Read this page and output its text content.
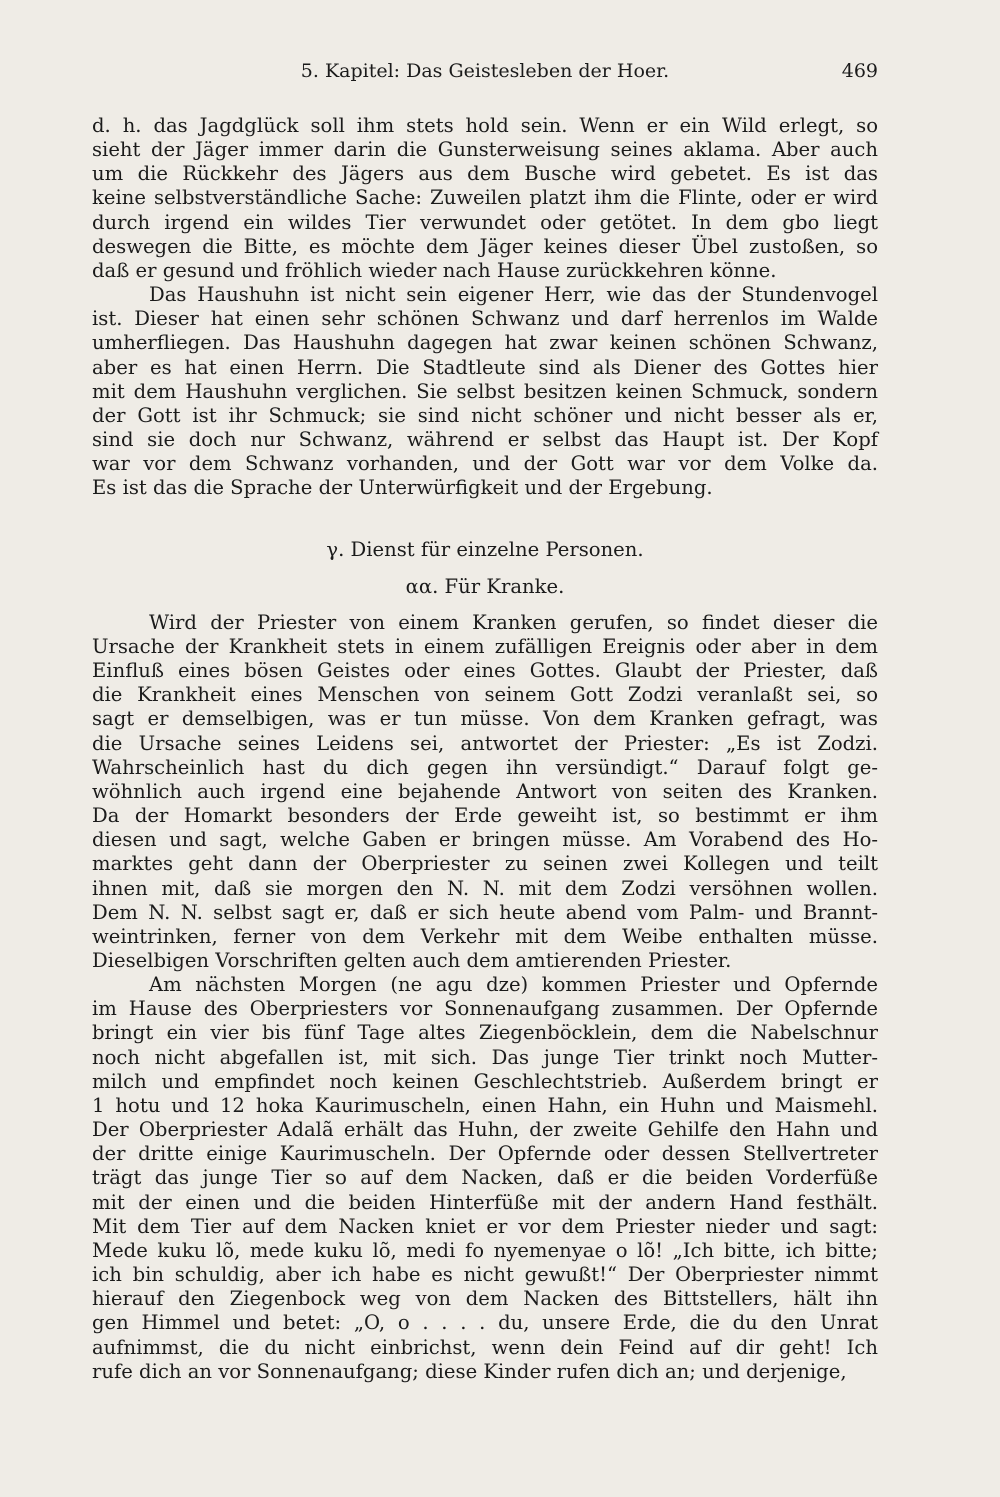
5. Kapitel: Das Geistesleben der Hoer.	469
d. h. das Jagdglück soll ihm stets hold sein. Wenn er ein Wild erlegt, so
sieht der Jäger immer darin die Gunsterweisung seines aklama. Aber auch
um die Rückkehr des Jägers aus dem Busche wird gebetet. Es ist das
keine selbstverständliche Sache: Zuweilen platzt ihm die Flinte, oder er wird
durch irgend ein wildes Tier verwundet oder getötet. In dem gbo liegt
deswegen die Bitte, es möchte dem Jäger keines dieser Übel zustoßen, so
daß er gesund und fröhlich wieder nach Hause zurückkehren könne.
Das Haushuhn ist nicht sein eigener Herr, wie das der Stundenvogel
ist. Dieser hat einen sehr schönen Schwanz und darf herrenlos im Walde
umherfliegen. Das Haushuhn dagegen hat zwar keinen schönen Schwanz,
aber es hat einen Herrn. Die Stadtleute sind als Diener des Gottes hier
mit dem Haushuhn verglichen. Sie selbst besitzen keinen Schmuck, sondern
der Gott ist ihr Schmuck; sie sind nicht schöner und nicht besser als er,
sind sie doch nur Schwanz, während er selbst das Haupt ist. Der Kopf
war vor dem Schwanz vorhanden, und der Gott war vor dem Volke da.
Es ist das die Sprache der Unterwürfigkeit und der Ergebung.
γ. Dienst für einzelne Personen.
αα. Für Kranke.
Wird der Priester von einem Kranken gerufen, so findet dieser die
Ursache der Krankheit stets in einem zufälligen Ereignis oder aber in dem
Einfluß eines bösen Geistes oder eines Gottes. Glaubt der Priester, daß
die Krankheit eines Menschen von seinem Gott Zodzi veranlaßt sei, so
sagt er demselbigen, was er tun müsse. Von dem Kranken gefragt, was
die Ursache seines Leidens sei, antwortet der Priester: „Es ist Zodzi.
Wahrscheinlich hast du dich gegen ihn versündigt.“ Darauf folgt ge-
wöhnlich auch irgend eine bejahende Antwort von seiten des Kranken.
Da der Homarkt besonders der Erde geweiht ist, so bestimmt er ihm
diesen und sagt, welche Gaben er bringen müsse. Am Vorabend des Ho-
marktes geht dann der Oberpriester zu seinen zwei Kollegen und teilt
ihnen mit, daß sie morgen den N. N. mit dem Zodzi versöhnen wollen.
Dem N. N. selbst sagt er, daß er sich heute abend vom Palm- und Brannt-
weintrinken, ferner von dem Verkehr mit dem Weibe enthalten müsse.
Dieselbigen Vorschriften gelten auch dem amtierenden Priester.
Am nächsten Morgen (ne agu dze) kommen Priester und Opfernde
im Hause des Oberpriesters vor Sonnenaufgang zusammen. Der Opfernde
bringt ein vier bis fünf Tage altes Ziegenböcklein, dem die Nabelschnur
noch nicht abgefallen ist, mit sich. Das junge Tier trinkt noch Mutter-
milch und empfindet noch keinen Geschlechtstrieb. Außerdem bringt er
1 hotu und 12 hoka Kaurimuscheln, einen Hahn, ein Huhn und Maismehl.
Der Oberpriester Adalã erhält das Huhn, der zweite Gehilfe den Hahn und
der dritte einige Kaurimuscheln. Der Opfernde oder dessen Stellvertreter
trägt das junge Tier so auf dem Nacken, daß er die beiden Vorderfüße
mit der einen und die beiden Hinterfüße mit der andern Hand festhält.
Mit dem Tier auf dem Nacken kniet er vor dem Priester nieder und sagt:
Mede kuku lõ, mede kuku lõ, medi fo nyemenyae o lõ! „Ich bitte, ich bitte;
ich bin schuldig, aber ich habe es nicht gewußt!“ Der Oberpriester nimmt
hierauf den Ziegenbock weg von dem Nacken des Bittstellers, hält ihn
gen Himmel und betet: „O, o . . . . du, unsere Erde, die du den Unrat
aufnimmst, die du nicht einbrichst, wenn dein Feind auf dir geht! Ich
rufe dich an vor Sonnenaufgang; diese Kinder rufen dich an; und derjenige,
